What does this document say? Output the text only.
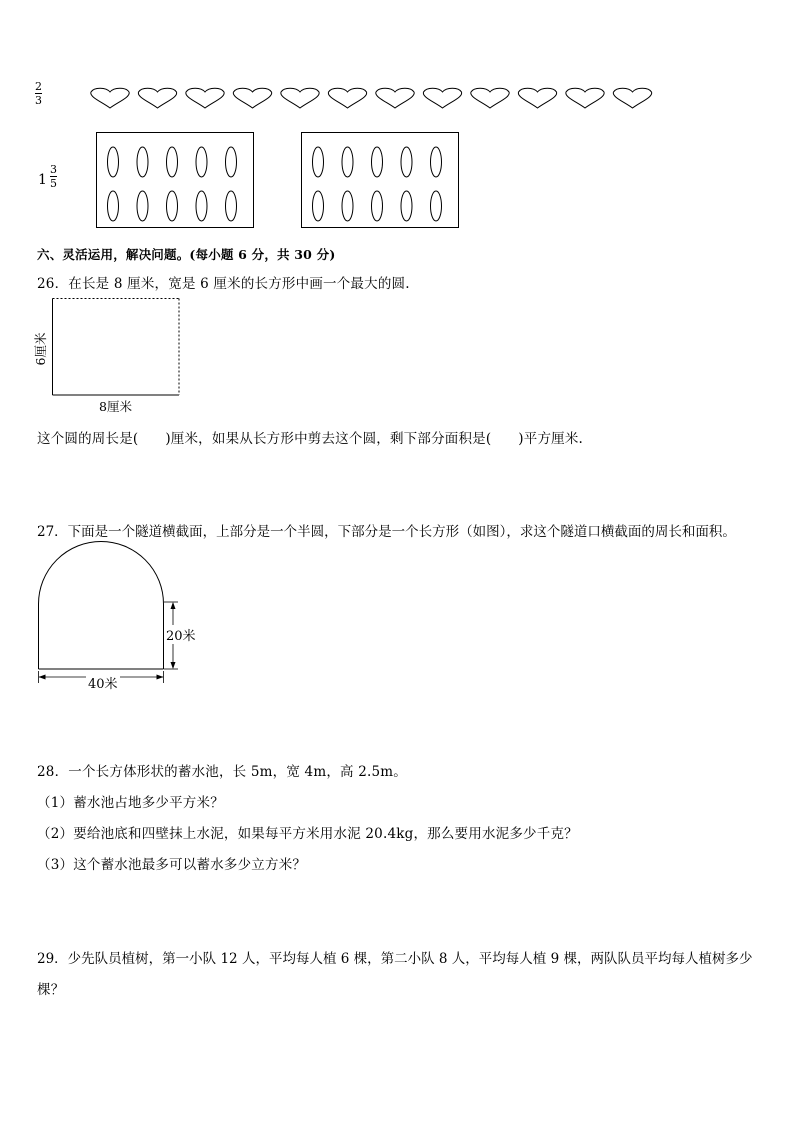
2
3
1
3
5
六、灵活运用，解决问题。(每小题 6 分，共 30 分)
26．在长是 8 厘米，宽是 6 厘米的长方形中画一个最大的圆.
6厘米
8厘米
这个圆的周长是(      )厘米，如果从长方形中剪去这个圆，剩下部分面积是(      )平方厘米.
27．下面是一个隧道横截面，上部分是一个半圆，下部分是一个长方形（如图），求这个隧道口横截面的周长和面积。
20米
40米
28．一个长方体形状的蓄水池，长 5m，宽 4m，高 2.5m。
（1）蓄水池占地多少平方米？
（2）要给池底和四壁抹上水泥，如果每平方米用水泥 20.4kg，那么要用水泥多少千克？
（3）这个蓄水池最多可以蓄水多少立方米？
29．少先队员植树，第一小队 12 人，平均每人植 6 棵，第二小队 8 人，平均每人植 9 棵，两队队员平均每人植树多少
棵？
